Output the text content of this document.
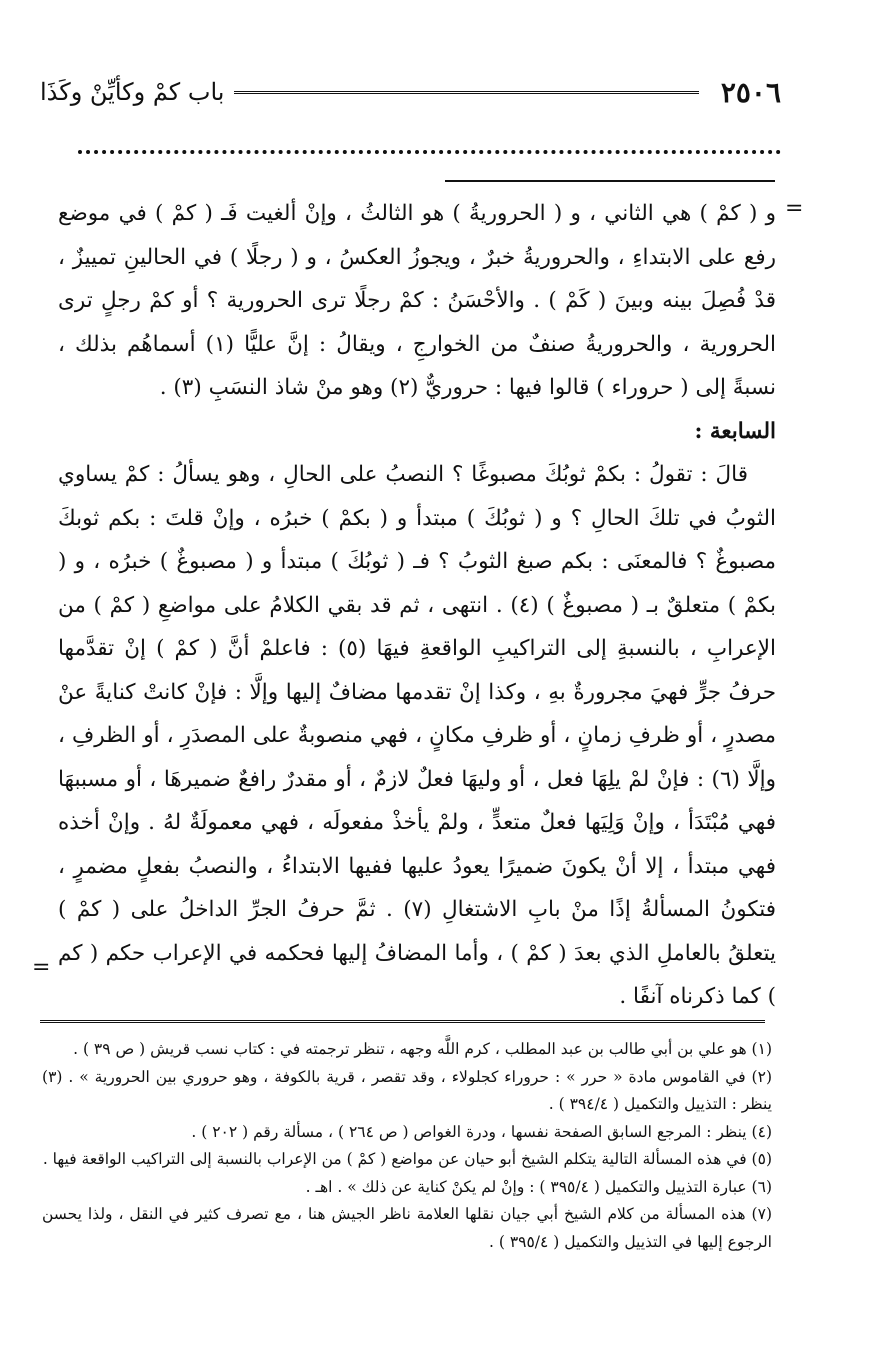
٢٥٠٦
باب كمْ وكأيِّنْ وكَذَا
=

و ( كمْ ) هي الثاني ، و ( الحروريةُ ) هو الثالثُ ، وإنْ ألغيت فَـ ( كمْ ) في موضع رفع على الابتداءِ ، والحروريةُ خبرٌ ، ويجوزُ العكسُ ، و ( رجلًا ) في الحالينِ تمييزٌ ، قدْ فُصِلَ بينه وبينَ ( كَمْ ) . والأحْسَنُ : كمْ رجلًا ترى الحرورية ؟ أو كمْ رجلٍ ترى الحرورية ، والحروريةُ صنفٌ من الخوارجِ ، ويقالُ : إنَّ عليًّا (١) أسماهُم بذلك ، نسبةً إلى ( حروراء ) قالوا فيها : حروريٌّ (٢) وهو منْ شاذ النسَبِ (٣) .

السابعة :

قالَ : تقولُ : بكمْ ثوبُكَ مصبوغًا ؟ النصبُ على الحالِ ، وهو يسألُ : كمْ يساوي الثوبُ في تلكَ الحالِ ؟ و ( ثوبُكَ ) مبتدأ و ( بكمْ ) خبرُه ، وإنْ قلتَ : بكم ثوبكَ مصبوغٌ ؟ فالمعنَى : بكم صبغ الثوبُ ؟ فـ ( ثوبُكَ ) مبتدأ و ( مصبوغٌ ) خبرُه ، و ( بكمْ ) متعلقٌ بـ ( مصبوغٌ ) (٤) . انتهى ، ثم قد بقي الكلامُ على مواضعِ ( كمْ ) من الإعرابِ ، بالنسبةِ إلى التراكيبِ الواقعةِ فيهَا (٥) : فاعلمْ أنَّ ( كمْ ) إنْ تقدَّمها حرفُ جرٍّ فهيَ مجرورةٌ بهِ ، وكذا إنْ تقدمها مضافٌ إليها وإلَّا : فإنْ كانتْ كنايةً عنْ مصدرٍ ، أو ظرفِ زمانٍ ، أو ظرفِ مكانٍ ، فهي منصوبةٌ على المصدَرِ ، أو الظرفِ ، وإلَّا (٦) : فإنْ لمْ يلِهَا فعل ، أو وليهَا فعلٌ لازمٌ ، أو مقدرٌ رافعٌ ضميرهَا ، أو مسببهَا فهي مُبْتَدَأ ، وإنْ وَلِيَها فعلٌ متعدٍّ ، ولمْ يأخذْ مفعولَه ، فهي معمولَةٌ لهُ . وإنْ أخذه فهي مبتدأ ، إلا أنْ يكونَ ضميرًا يعودُ عليها ففيها الابتداءُ ، والنصبُ بفعلٍ مضمرٍ ، فتكونُ المسألةُ إذًا منْ بابِ الاشتغالِ (٧) . ثمَّ حرفُ الجرِّ الداخلُ على ( كمْ ) يتعلقُ بالعاملِ الذي بعدَ ( كمْ ) ، وأما المضافُ إليها فحكمه في الإعراب حكم ( كم ) كما ذكرناه آنفًا .

=

(١) هو علي بن أبي طالب بن عبد المطلب ، كرم اللَّه وجهه ، تنظر ترجمته في : كتاب نسب قريش ( ص ٣٩ ) .

(٢) في القاموس مادة « حرر » : حروراء كجلولاء ، وقد تقصر ، قرية بالكوفة ، وهو حروري بين الحرورية » . (٣) ينظر : التذييل والتكميل ( ٣٩٤/٤ ) .

(٤) ينظر : المرجع السابق الصفحة نفسها ، ودرة الغواص ( ص ٢٦٤ ) ، مسألة رقم ( ٢٠٢ ) .

(٥) في هذه المسألة التالية يتكلم الشيخ أبو حيان عن مواضع ( كمْ ) من الإعراب بالنسبة إلى التراكيب الواقعة فيها .

(٦) عبارة التذييل والتكميل ( ٣٩٥/٤ ) : وإنْ لم يكنْ كناية عن ذلك » . اهـ .

(٧) هذه المسألة من كلام الشيخ أبي جيان نقلها العلامة ناظر الجيش هنا ، مع تصرف كثير في النقل ، ولذا يحسن الرجوع إليها في التذييل والتكميل ( ٣٩٥/٤ ) .
